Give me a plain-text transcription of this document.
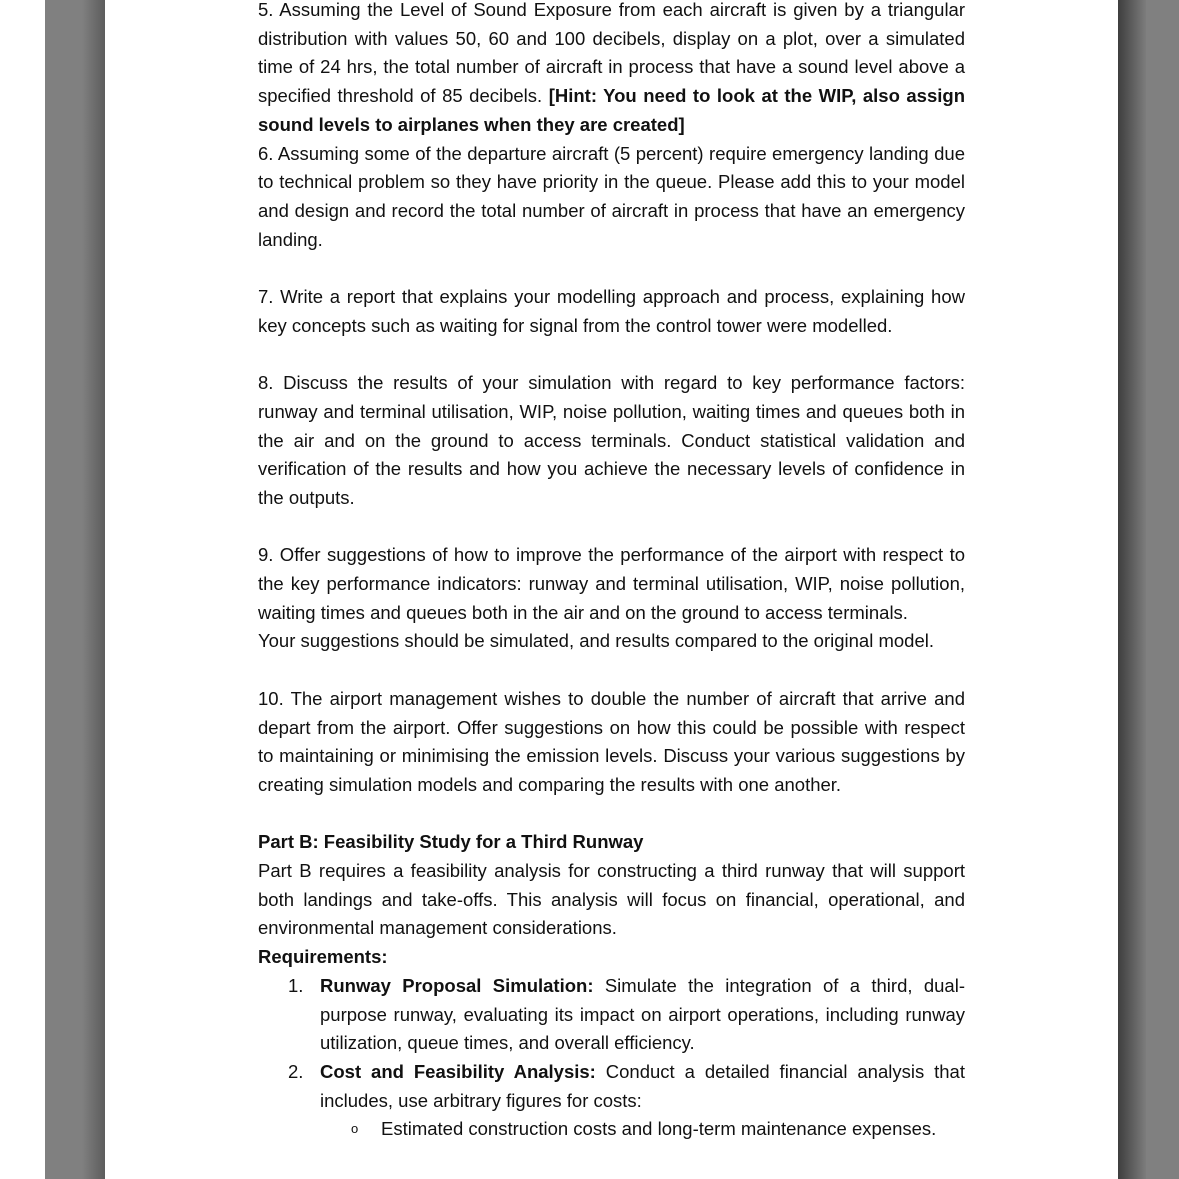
5. Assuming the Level of Sound Exposure from each aircraft is given by a triangular distribution with values 50, 60 and 100 decibels, display on a plot, over a simulated time of 24 hrs, the total number of aircraft in process that have a sound level above a specified threshold of 85 decibels. [Hint: You need to look at the WIP, also assign sound levels to airplanes when they are created]

6. Assuming some of the departure aircraft (5 percent) require emergency landing due to technical problem so they have priority in the queue. Please add this to your model and design and record the total number of aircraft in process that have an emergency landing.

7. Write a report that explains your modelling approach and process, explaining how key concepts such as waiting for signal from the control tower were modelled.

8. Discuss the results of your simulation with regard to key performance factors: runway and terminal utilisation, WIP, noise pollution, waiting times and queues both in the air and on the ground to access terminals. Conduct statistical validation and verification of the results and how you achieve the necessary levels of confidence in the outputs.

9. Offer suggestions of how to improve the performance of the airport with respect to the key performance indicators: runway and terminal utilisation, WIP, noise pollution, waiting times and queues both in the air and on the ground to access terminals.

Your suggestions should be simulated, and results compared to the original model.

10. The airport management wishes to double the number of aircraft that arrive and depart from the airport. Offer suggestions on how this could be possible with respect to maintaining or minimising the emission levels. Discuss your various suggestions by creating simulation models and comparing the results with one another.

Part B: Feasibility Study for a Third Runway

Part B requires a feasibility analysis for constructing a third runway that will support both landings and take-offs. This analysis will focus on financial, operational, and environmental management considerations.

Requirements:

1. Runway Proposal Simulation: Simulate the integration of a third, dual-purpose runway, evaluating its impact on airport operations, including runway utilization, queue times, and overall efficiency.
2. Cost and Feasibility Analysis: Conduct a detailed financial analysis that includes, use arbitrary figures for costs:

o Estimated construction costs and long-term maintenance expenses.
